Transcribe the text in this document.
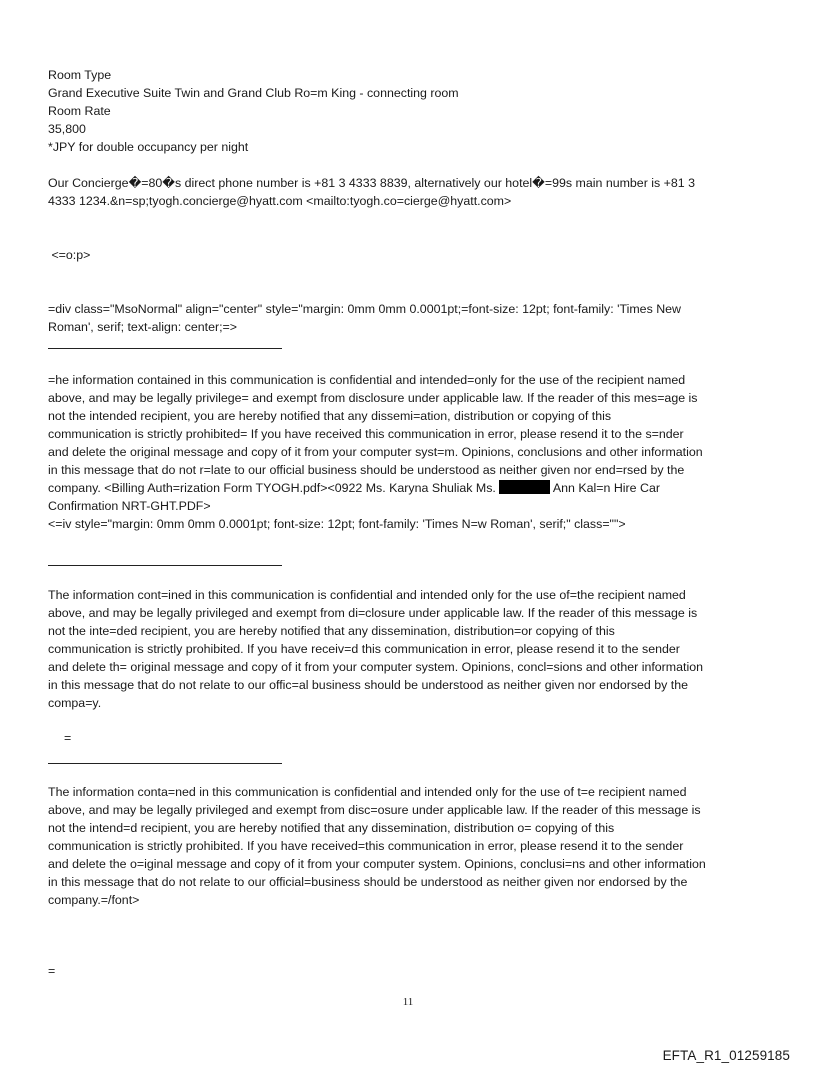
Room Type
Grand Executive Suite Twin and Grand Club Ro=m King - connecting room
Room Rate
35,800
*JPY for double occupancy per night
Our Concierge�=80�s direct phone number is +81 3 4333 8839, alternatively our hotel�=99s main number is +81 3
4333 1234.&n=sp;tyogh.concierge@hyatt.com <mailto:tyogh.co=cierge@hyatt.com>
<=o:p>
=div class="MsoNormal" align="center" style="margin: 0mm 0mm 0.0001pt;=font-size: 12pt; font-family: 'Times New
Roman', serif; text-align: center;=>
=he information contained in this communication is confidential and intended=only for the use of the recipient named
above, and may be legally privilege= and exempt from disclosure under applicable law. If the reader of this mes=age is
not the intended recipient, you are hereby notified that any dissemi=ation, distribution or copying of this
communication is strictly prohibited= If you have received this communication in error, please resend it to the s=nder
and delete the original message and copy of it from your computer syst=m. Opinions, conclusions and other information
in this message that do not r=late to our official business should be understood as neither given nor end=rsed by the
company. <Billing Auth=rization Form TYOGH.pdf><0922 Ms. Karyna Shuliak Ms.	Ann Kal=n Hire Car
Confirmation NRT-GHT.PDF>
<=iv style="margin: 0mm 0mm 0.0001pt; font-size: 12pt; font-family: 'Times N=w Roman', serif;" class="">
The information cont=ined in this communication is confidential and intended only for the use of=the recipient named
above, and may be legally privileged and exempt from di=closure under applicable law. If the reader of this message is
not the inte=ded recipient, you are hereby notified that any dissemination, distribution=or copying of this
communication is strictly prohibited. If you have receiv=d this communication in error, please resend it to the sender
and delete th= original message and copy of it from your computer system. Opinions, concl=sions and other information
in this message that do not relate to our offic=al business should be understood as neither given nor endorsed by the
compa=y.
=
The information conta=ned in this communication is confidential and intended only for the use of t=e recipient named
above, and may be legally privileged and exempt from disc=osure under applicable law. If the reader of this message is
not the intend=d recipient, you are hereby notified that any dissemination, distribution o= copying of this
communication is strictly prohibited. If you have received=this communication in error, please resend it to the sender
and delete the o=iginal message and copy of it from your computer system. Opinions, conclusi=ns and other information
in this message that do not relate to our official=business should be understood as neither given nor endorsed by the
company.=/font>
=
11
EFTA_R1_01259185
